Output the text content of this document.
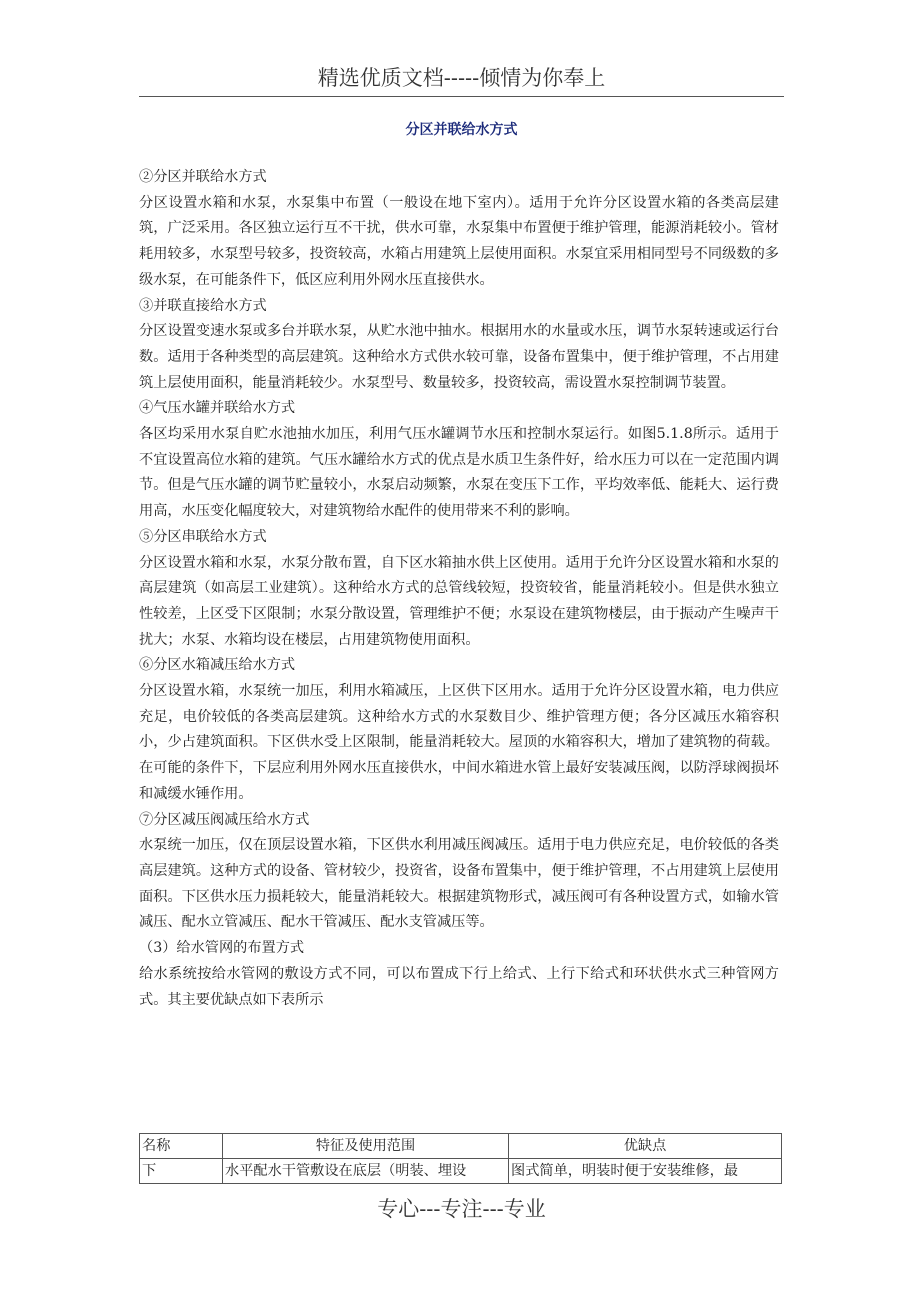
精选优质文档-----倾情为你奉上
分区并联给水方式

②分区并联给水方式

分区设置水箱和水泵，水泵集中布置（一般设在地下室内）。适用于允许分区设置水箱的各类高层建筑，广泛采用。各区独立运行互不干扰，供水可靠，水泵集中布置便于维护管理，能源消耗较小。管材耗用较多，水泵型号较多，投资较高，水箱占用建筑上层使用面积。水泵宜采用相同型号不同级数的多级水泵，在可能条件下，低区应利用外网水压直接供水。

③并联直接给水方式

分区设置变速水泵或多台并联水泵，从贮水池中抽水。根据用水的水量或水压，调节水泵转速或运行台数。适用于各种类型的高层建筑。这种给水方式供水较可靠，设备布置集中，便于维护管理，不占用建筑上层使用面积，能量消耗较少。水泵型号、数量较多，投资较高，需设置水泵控制调节装置。

④气压水罐并联给水方式

各区均采用水泵自贮水池抽水加压，利用气压水罐调节水压和控制水泵运行。如图5.1.8所示。适用于不宜设置高位水箱的建筑。气压水罐给水方式的优点是水质卫生条件好，给水压力可以在一定范围内调节。但是气压水罐的调节贮量较小，水泵启动频繁，水泵在变压下工作，平均效率低、能耗大、运行费用高，水压变化幅度较大，对建筑物给水配件的使用带来不利的影响。

⑤分区串联给水方式

分区设置水箱和水泵，水泵分散布置，自下区水箱抽水供上区使用。适用于允许分区设置水箱和水泵的高层建筑（如高层工业建筑）。这种给水方式的总管线较短，投资较省，能量消耗较小。但是供水独立性较差，上区受下区限制；水泵分散设置，管理维护不便；水泵设在建筑物楼层，由于振动产生噪声干扰大；水泵、水箱均设在楼层，占用建筑物使用面积。

⑥分区水箱减压给水方式

分区设置水箱，水泵统一加压，利用水箱减压，上区供下区用水。适用于允许分区设置水箱，电力供应充足，电价较低的各类高层建筑。这种给水方式的水泵数目少、维护管理方便；各分区减压水箱容积小，少占建筑面积。下区供水受上区限制，能量消耗较大。屋顶的水箱容积大，增加了建筑物的荷载。在可能的条件下，下层应利用外网水压直接供水，中间水箱进水管上最好安装减压阀，以防浮球阀损坏和减缓水锤作用。

⑦分区减压阀减压给水方式

水泵统一加压，仅在顶层设置水箱，下区供水利用减压阀减压。适用于电力供应充足，电价较低的各类高层建筑。这种方式的设备、管材较少，投资省，设备布置集中，便于维护管理，不占用建筑上层使用面积。下区供水压力损耗较大，能量消耗较大。根据建筑物形式，减压阀可有各种设置方式，如输水管减压、配水立管减压、配水干管减压、配水支管减压等。

（3）给水管网的布置方式

给水系统按给水管网的敷设方式不同，可以布置成下行上给式、上行下给式和环状供水式三种管网方式。其主要优缺点如下表所示

名称	特征及使用范围	优缺点
下	水平配水干管敷设在底层（明装、埋设	图式简单，明装时便于安装维修，最
专心---专注---专业
